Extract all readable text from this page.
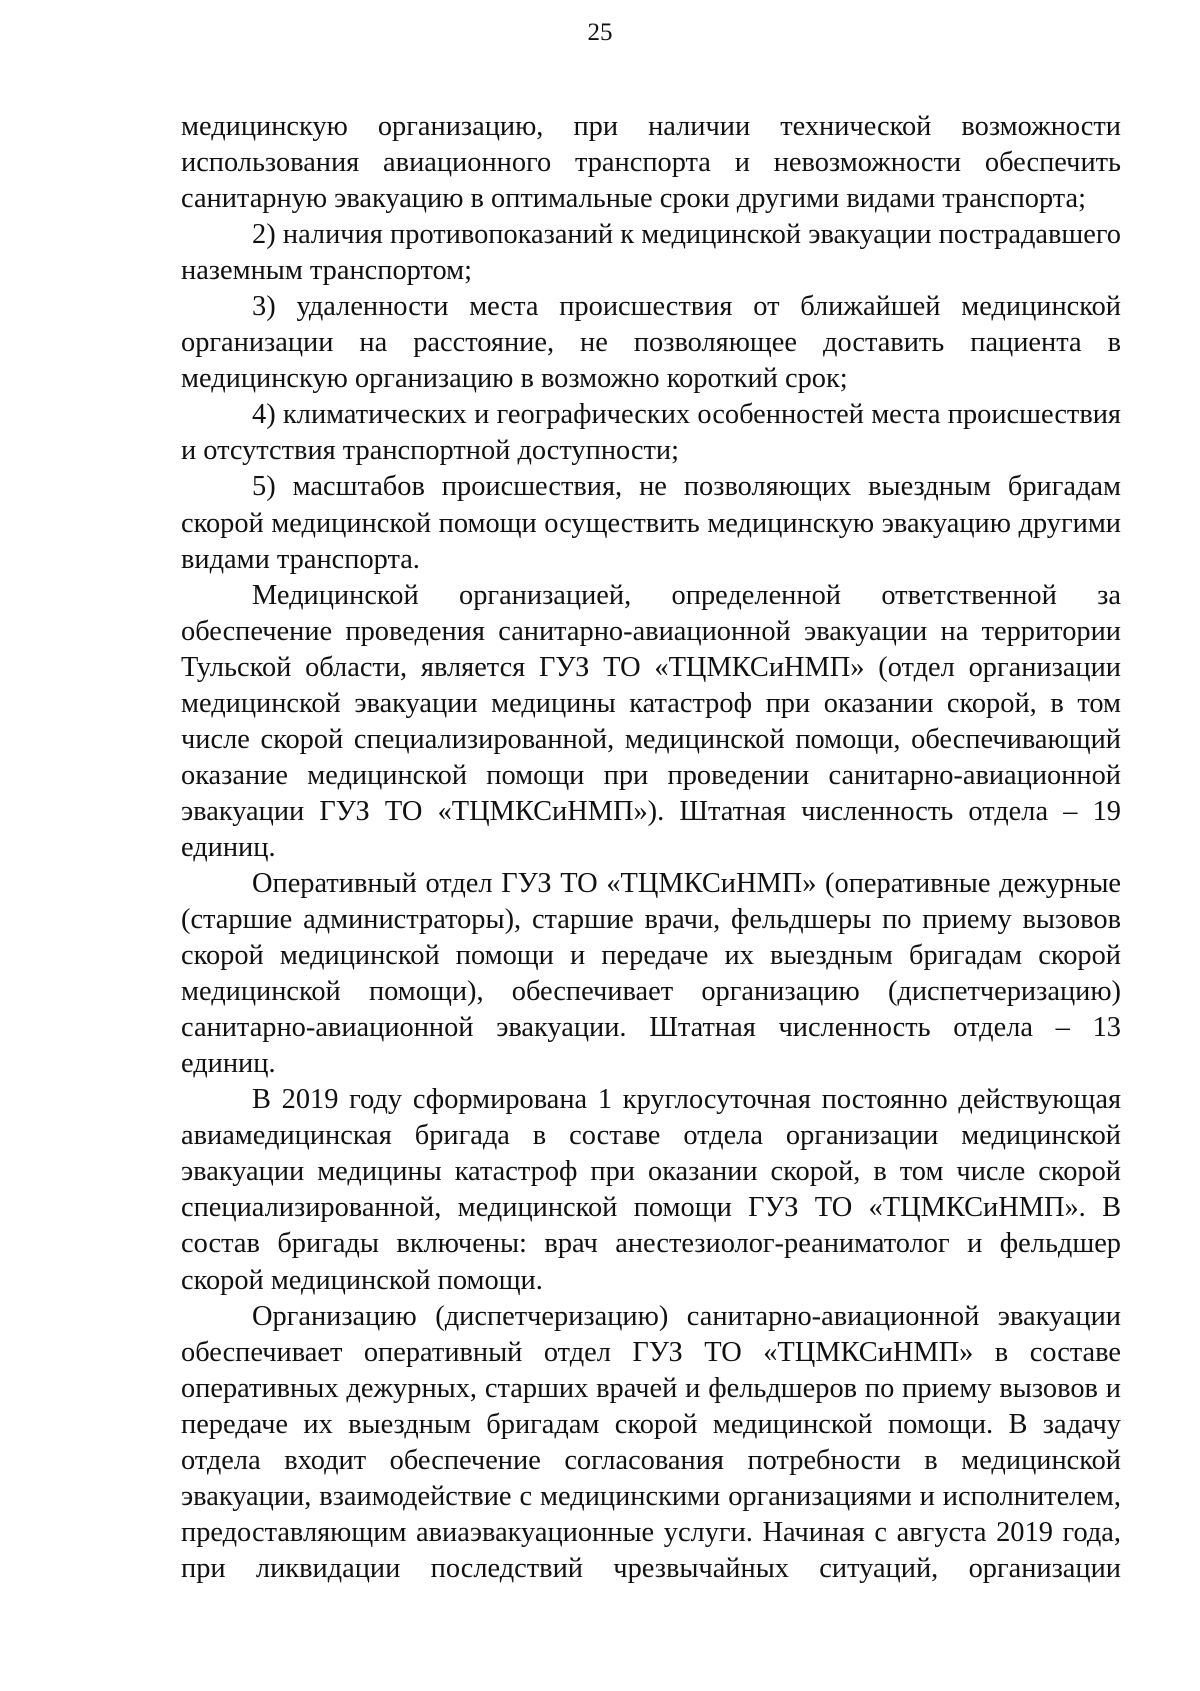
25

медицинскую организацию, при наличии технической возможности использования авиационного транспорта и невозможности обеспечить санитарную эвакуацию в оптимальные сроки другими видами транспорта;

2) наличия противопоказаний к медицинской эвакуации пострадавшего наземным транспортом;

3) удаленности места происшествия от ближайшей медицинской организации на расстояние, не позволяющее доставить пациента в медицинскую организацию в возможно короткий срок;

4) климатических и географических особенностей места происшествия и отсутствия транспортной доступности;

5) масштабов происшествия, не позволяющих выездным бригадам скорой медицинской помощи осуществить медицинскую эвакуацию другими видами транспорта.

Медицинской организацией, определенной ответственной за обеспечение проведения санитарно-авиационной эвакуации на территории Тульской области, является ГУЗ ТО «ТЦМКСиНМП» (отдел организации медицинской эвакуации медицины катастроф при оказании скорой, в том числе скорой специализированной, медицинской помощи, обеспечивающий оказание медицинской помощи при проведении санитарно-авиационной эвакуации ГУЗ ТО «ТЦМКСиНМП»). Штатная численность отдела – 19 единиц.

Оперативный отдел ГУЗ ТО «ТЦМКСиНМП» (оперативные дежурные (старшие администраторы), старшие врачи, фельдшеры по приему вызовов скорой медицинской помощи и передаче их выездным бригадам скорой медицинской помощи), обеспечивает организацию (диспетчеризацию) санитарно-авиационной эвакуации. Штатная численность отдела – 13 единиц.

В 2019 году сформирована 1 круглосуточная постоянно действующая авиамедицинская бригада в составе отдела организации медицинской эвакуации медицины катастроф при оказании скорой, в том числе скорой специализированной, медицинской помощи ГУЗ ТО «ТЦМКСиНМП». В состав бригады включены: врач анестезиолог-реаниматолог и фельдшер скорой медицинской помощи.

Организацию (диспетчеризацию) санитарно-авиационной эвакуации обеспечивает оперативный отдел ГУЗ ТО «ТЦМКСиНМП» в составе оперативных дежурных, старших врачей и фельдшеров по приему вызовов и передаче их выездным бригадам скорой медицинской помощи. В задачу отдела входит обеспечение согласования потребности в медицинской эвакуации, взаимодействие с медицинскими организациями и исполнителем, предоставляющим авиаэвакуационные услуги. Начиная с августа 2019 года, при ликвидации последствий чрезвычайных ситуаций, организации
